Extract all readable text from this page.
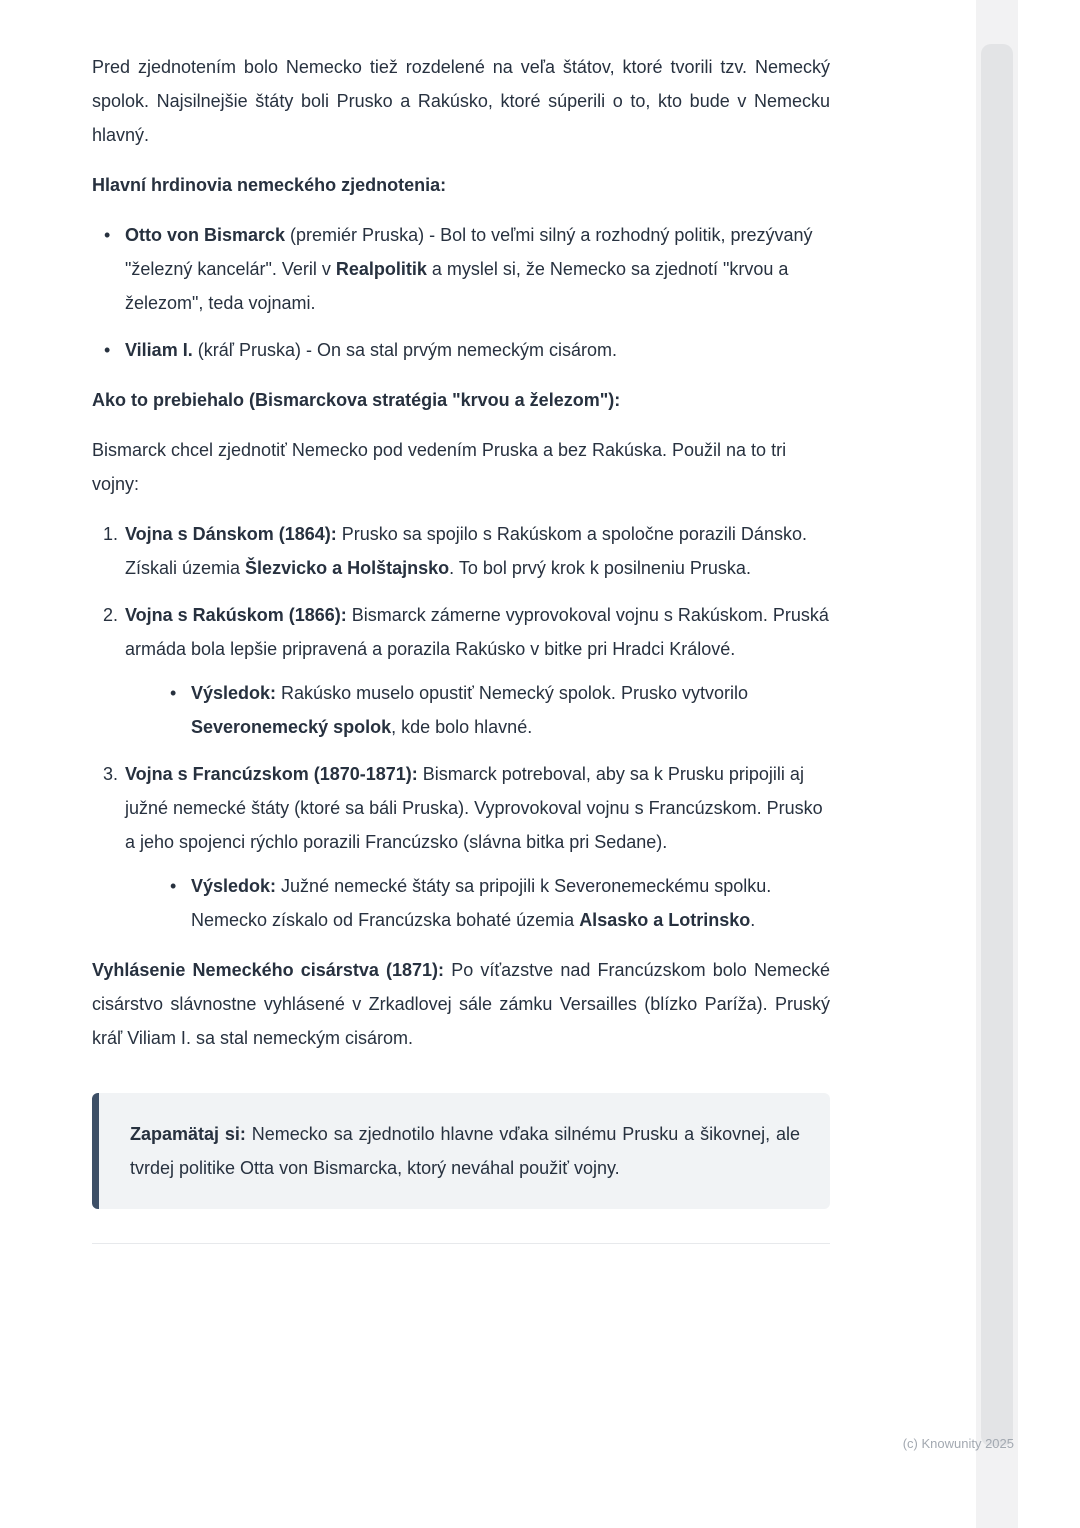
Pred zjednotením bolo Nemecko tiež rozdelené na veľa štátov, ktoré tvorili tzv. Nemecký spolok. Najsilnejšie štáty boli Prusko a Rakúsko, ktoré súperili o to, kto bude v Nemecku hlavný.

Hlavní hrdinovia nemeckého zjednotenia:
• Otto von Bismarck (premiér Pruska) - Bol to veľmi silný a rozhodný politik, prezývaný "železný kancelár". Veril v Realpolitik a myslel si, že Nemecko sa zjednotí "krvou a železom", teda vojnami.
• Viliam I. (kráľ Pruska) - On sa stal prvým nemeckým cisárom.
Ako to prebiehalo (Bismarckova stratégia "krvou a železom"):

Bismarck chcel zjednotiť Nemecko pod vedením Pruska a bez Rakúska. Použil na to tri vojny:

1. Vojna s Dánskom (1864): Prusko sa spojilo s Rakúskom a spoločne porazili Dánsko. Získali územia Šlezvicko a Holštajnsko. To bol prvý krok k posilneniu Pruska.
2. Vojna s Rakúskom (1866): Bismarck zámerne vyprovokoval vojnu s Rakúskom. Pruská armáda bola lepšie pripravená a porazila Rakúsko v bitke pri Hradci Králové.
• Výsledok: Rakúsko muselo opustiť Nemecký spolok. Prusko vytvorilo Severonemecký spolok, kde bolo hlavné.
3. Vojna s Francúzskom (1870-1871): Bismarck potreboval, aby sa k Prusku pripojili aj južné nemecké štáty (ktoré sa báli Pruska). Vyprovokoval vojnu s Francúzskom. Prusko a jeho spojenci rýchlo porazili Francúzsko (slávna bitka pri Sedane).
• Výsledok: Južné nemecké štáty sa pripojili k Severonemeckému spolku. Nemecko získalo od Francúzska bohaté územia Alsasko a Lotrinsko.

Vyhlásenie Nemeckého cisárstva (1871): Po víťazstve nad Francúzskom bolo Nemecké cisárstvo slávnostne vyhlásené v Zrkadlovej sále zámku Versailles (blízko Paríža). Pruský kráľ Viliam I. sa stal nemeckým cisárom.

Zapamätaj si: Nemecko sa zjednotilo hlavne vďaka silnému Prusku a šikovnej, ale tvrdej politike Otta von Bismarcka, ktorý neváhal použiť vojny.
(c) Knowunity 2025
